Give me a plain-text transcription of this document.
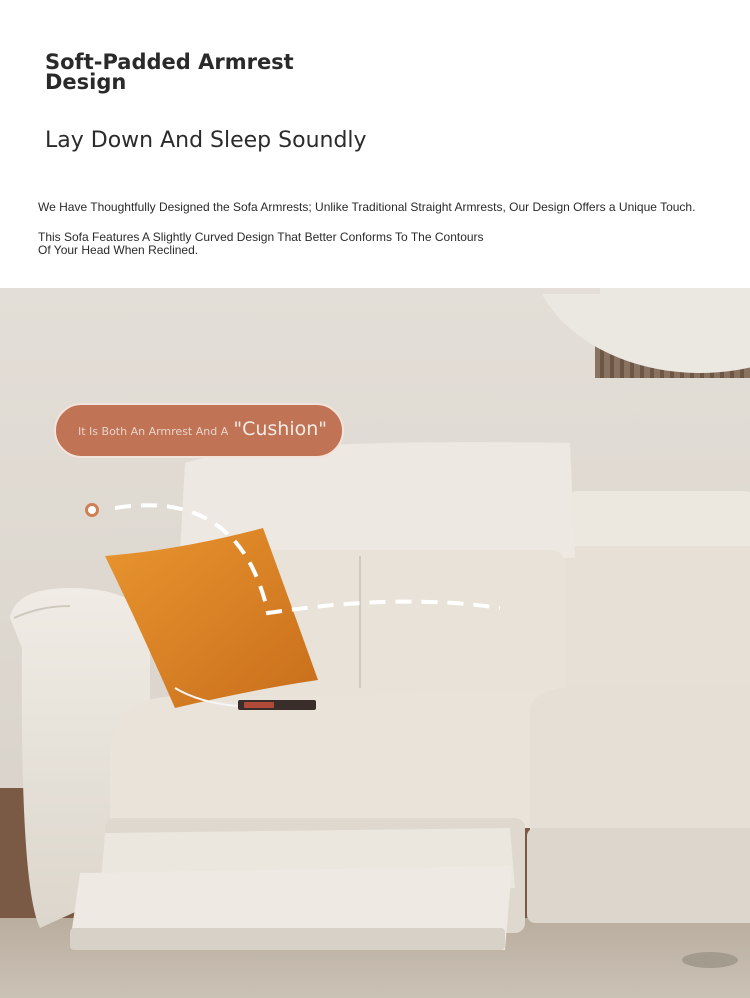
Soft-Padded Armrest Design
Lay Down And Sleep Soundly
We Have Thoughtfully Designed the Sofa Armrests; Unlike Traditional Straight Armrests, Our Design Offers a Unique Touch.
This Sofa Features A Slightly Curved Design That Better Conforms To The Contours Of Your Head When Reclined.
It Is Both An Armrest And A "Cushion"
